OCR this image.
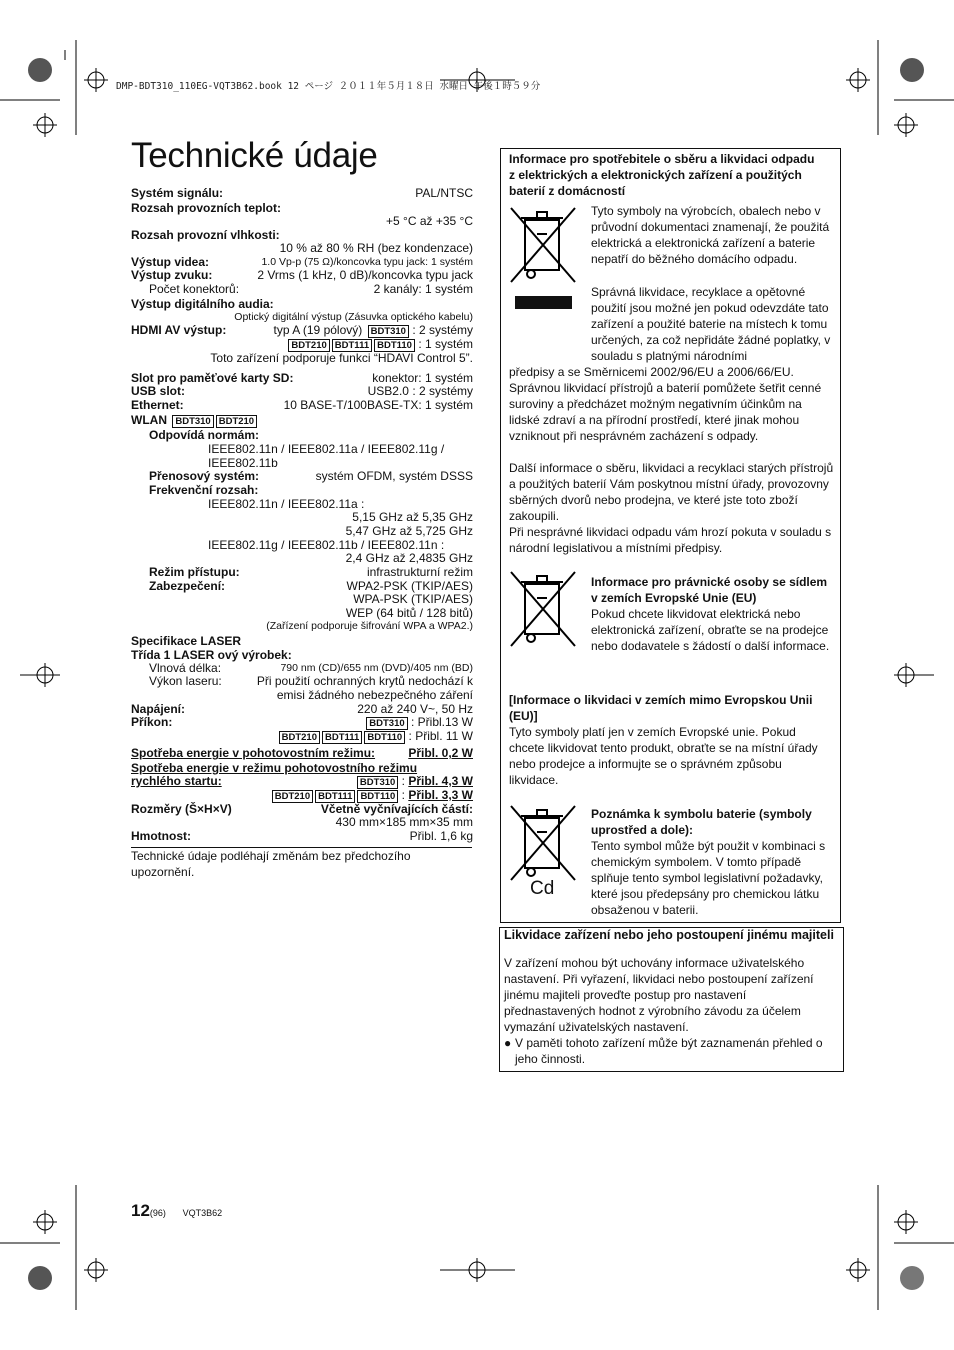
DMP-BDT310_110EG-VQT3B62.book 12 ページ ２０１１年５月１８日 水曜日 午後１時５９分
Technické údaje
Systém signálu:	PAL/NTSC
Rozsah provozních teplot:
+5 °C až +35 °C
Rozsah provozní vlhkosti:
10 % až 80 % RH (bez kondenzace)
Výstup videa:	1.0 Vp-p (75 Ω)/koncovka typu jack: 1 systém
Výstup zvuku:	2 Vrms (1 kHz, 0 dB)/koncovka typu jack
Počet konektorů:	2 kanály: 1 systém
Výstup digitálního audia:
Optický digitální výstup (Zásuvka optického kabelu)
HDMI AV výstup:	typ A (19 pólový) BDT310 : 2 systémy
BDT210 BDT111 BDT110 : 1 systém
Toto zařízení podporuje funkci “HDAVI Control 5”.
Slot pro paměťové karty SD:	konektor: 1 systém
USB slot:	USB2.0 : 2 systémy
Ethernet:	10 BASE-T/100BASE-TX: 1 systém
WLAN BDT310 BDT210
Odpovídá normám:
IEEE802.11n / IEEE802.11a / IEEE802.11g / IEEE802.11b
Přenosový systém:	systém OFDM, systém DSSS
Frekvenční rozsah:
IEEE802.11n / IEEE802.11a :
5,15 GHz až 5,35 GHz
5,47 GHz až 5,725 GHz
IEEE802.11g / IEEE802.11b / IEEE802.11n :
2,4 GHz až 2,4835 GHz
Režim přístupu:	infrastrukturní režim
Zabezpečení:	WPA2-PSK (TKIP/AES)
WPA-PSK (TKIP/AES)
WEP (64 bitů / 128 bitů)
(Zařízení podporuje šifrování WPA a WPA2.)
Specifikace LASER
Třída 1 LASER ový výrobek:
Vlnová délka:	790 nm (CD)/655 nm (DVD)/405 nm (BD)
Výkon laseru:	Při použití ochranných krytů nedochází k
emisi žádného nebezpečného záření
Napájení:	220 až 240 V~, 50 Hz
Příkon:	BDT310 : Přibl.13 W
BDT210 BDT111 BDT110 : Přibl. 11 W
Spotřeba energie v pohotovostním režimu:	Přibl. 0,2 W
Spotřeba energie v režimu pohotovostního režimu
rychlého startu:	BDT310 : Přibl. 4,3 W
BDT210 BDT111 BDT110 : Přibl. 3,3 W
Rozměry (Š×H×V)	Včetně vyčnívajících částí:
430 mm×185 mm×35 mm
Hmotnost:	Přibl. 1,6 kg
Technické údaje podléhají změnám bez předchozího upozornění.
Informace pro spotřebitele o sběru a likvidaci odpadu z elektrických a elektronických zařízení a použitých baterií z domácností
Tyto symboly na výrobcích, obalech nebo v průvodní dokumentaci znamenají, že použitá elektrická a elektronická zařízení a baterie nepatří do běžného domácího odpadu.
Správná likvidace, recyklace a opětovné použití jsou možné jen pokud odevzdáte tato zařízení a použité baterie na místech k tomu určených, za což nepřidáte žádné poplatky, v souladu s platnými národními
předpisy a se Směrnicemi 2002/96/EU a 2006/66/EU.
Správnou likvidací přístrojů a baterií pomůžete šetřit cenné suroviny a předcházet možným negativním účinkům na lidské zdraví a na přírodní prostředí, které jinak mohou vzniknout při nesprávném zacházení s odpady.
Další informace o sběru, likvidaci a recyklaci starých přístrojů a použitých baterií Vám poskytnou místní úřady, provozovny sběrných dvorů nebo prodejna, ve které jste toto zboží zakoupili.
Při nesprávné likvidaci odpadu vám hrozí pokuta v souladu s národní legislativou a místními předpisy.
Informace pro právnické osoby se sídlem v zemích Evropské Unie (EU)
Pokud chcete likvidovat elektrická nebo elektronická zařízení, obraťte se na prodejce nebo dodavatele s žádostí o další informace.
[Informace o likvidaci v zemích mimo Evropskou Unii (EU)]
Tyto symboly platí jen v zemích Evropské unie. Pokud chcete likvidovat tento produkt, obraťte se na místní úřady nebo prodejce a informujte se o správném způsobu likvidace.
Cd
Poznámka k symbolu baterie (symboly uprostřed a dole):
Tento symbol může být použit v kombinaci s chemickým symbolem. V tomto případě splňuje tento symbol legislativní požadavky, které jsou předepsány pro chemickou látku obsaženou v baterii.
Likvidace zařízení nebo jeho postoupení jinému majiteli
V zařízení mohou být uchovány informace uživatelského nastavení. Při vyřazení, likvidaci nebo postoupení zařízení jinému majiteli proveďte postup pro nastavení přednastavených hodnot z výrobního závodu za účelem vymazání uživatelských nastavení.
● V paměti tohoto zařízení může být zaznamenán přehled o jeho činnosti.
12(96) VQT3B62
